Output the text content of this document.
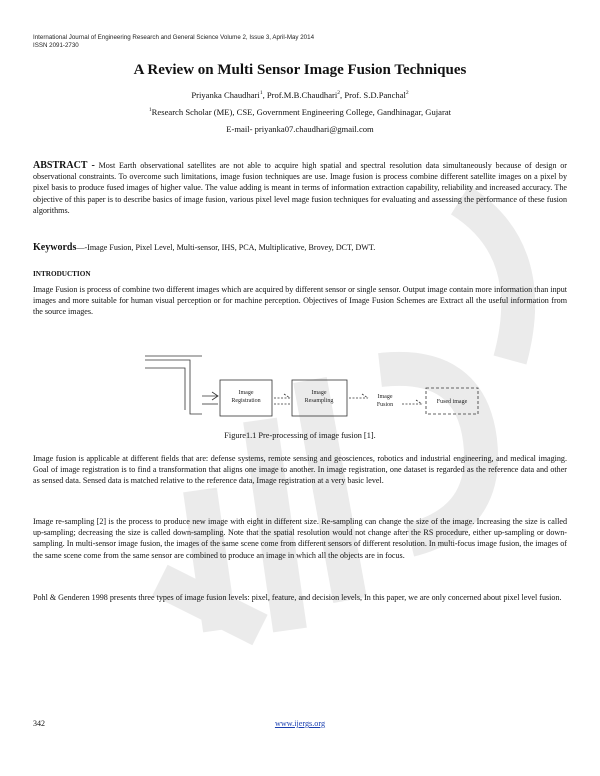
International Journal of Engineering Research and General Science Volume 2, Issue 3, April-May 2014
ISSN 2091-2730
A Review on Multi Sensor Image Fusion Techniques
Priyanka Chaudhari$^1$, Prof.M.B.Chaudhari$^2$, Prof. S.D.Panchal$^2$
$^1$Research Scholar (ME), CSE, Government Engineering College, Gandhinagar, Gujarat
E-mail- priyanka07.chaudhari@gmail.com
ABSTRACT - Most Earth observational satellites are not able to acquire high spatial and spectral resolution data simultaneously because of design or observational constraints. To overcome such limitations, image fusion techniques are use. Image fusion is process combine different satellite images on a pixel by pixel basis to produce fused images of higher value. The value adding is meant in terms of information extraction capability, reliability and increased accuracy. The objective of this paper is to describe basics of image fusion, various pixel level mage fusion techniques for evaluating and assessing the performance of these fusion algorithms.
Keywords—-Image Fusion, Pixel Level, Multi-sensor, IHS, PCA, Multiplicative, Brovey, DCT, DWT.
INTRODUCTION
Image Fusion is process of combine two different images which are acquired by different sensor or single sensor. Output image contain more information than input images and more suitable for human visual perception or for machine perception. Objectives of Image Fusion Schemes are Extract all the useful information from the source images.
Image
Registration
Image
Resampling
Image
Fusion	Fused image
Figure1.1 Pre-processing of image fusion [1].
Image fusion is applicable at different fields that are: defense systems, remote sensing and geosciences, robotics and industrial engineering, and medical imaging. Goal of image registration is to find a transformation that aligns one image to another. In image registration, one dataset is regarded as the reference data and other as sensed data. Sensed data is matched relative to the reference data, Image registration at a very basic level.
Image re-sampling [2] is the process to produce new image with eight in different size. Re-sampling can change the size of the image. Increasing the size is called up-sampling; decreasing the size is called down-sampling. Note that the spatial resolution would not change after the RS procedure, either up-sampling or down-sampling. In multi-sensor image fusion, the images of the same scene come from different sensors of different resolution. In multi-focus image fusion, the images of the same scene come from the same sensor are combined to produce an image in which all the objects are in focus.
Pohl & Genderen 1998 presents three types of image fusion levels: pixel, feature, and decision levels, In this paper, we are only concerned about pixel level fusion.
342	www.ijergs.org
